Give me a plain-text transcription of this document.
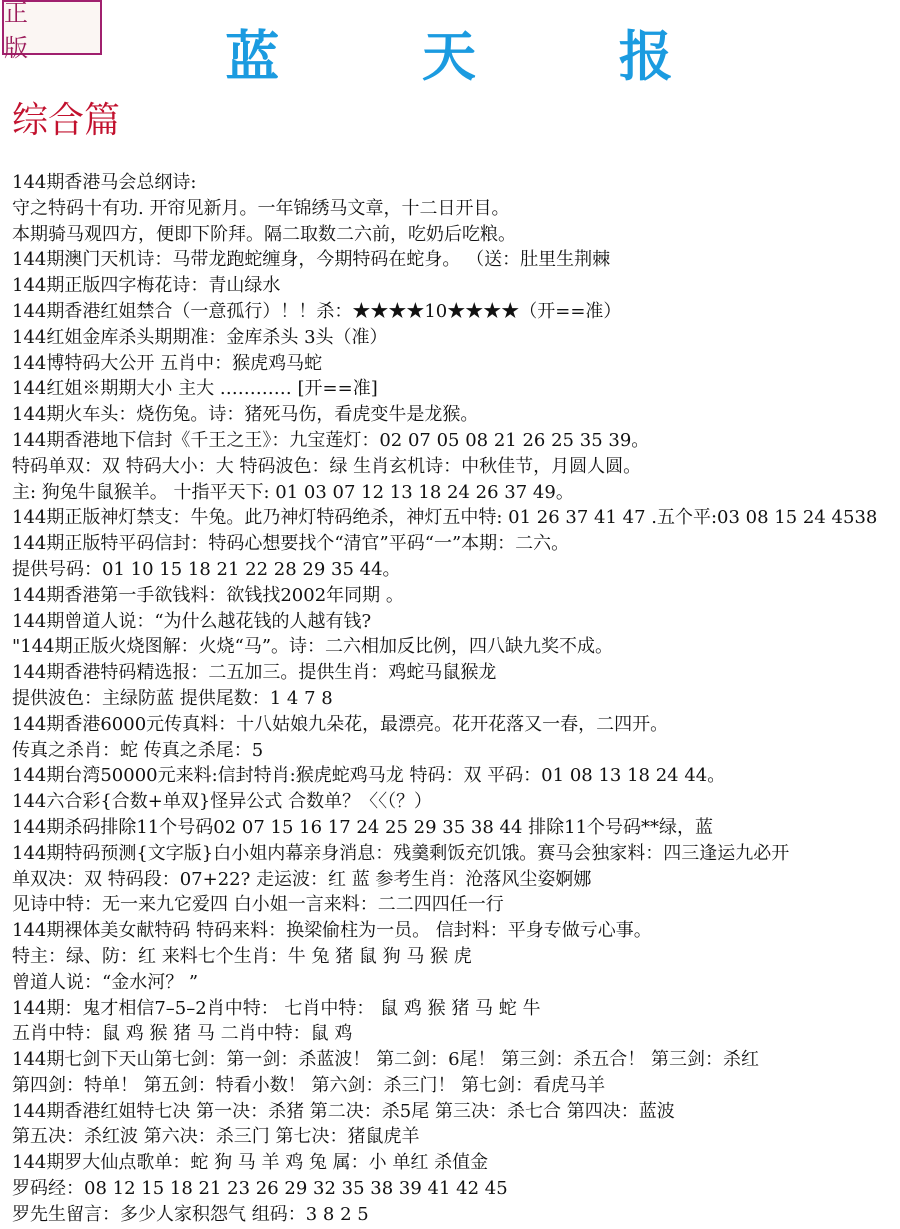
正 版	蓝 天 报
综合篇
144期香港马会总纲诗:
守之特码十有功. 开帘见新月。一年锦绣马文章，十二日开目。
本期骑马观四方，便即下阶拜。隔二取数二六前，吃奶后吃粮。
144期澳门天机诗：马带龙跑蛇缠身，今期特码在蛇身。 （送：肚里生荆棘
144期正版四字梅花诗：青山绿水
144期香港红姐禁合（一意孤行）！！杀：★★★★10★★★★（开==准）
144红姐金库杀头期期准：金库杀头 3头（准）
144博特码大公开 五肖中：猴虎鸡马蛇
144红姐※期期大小 主大 ………… [开==准]
144期火车头：烧伤兔。诗：猪死马伤，看虎变牛是龙猴。
144期香港地下信封《千王之王》：九宝莲灯：02 07 05 08 21 26 25 35 39。
特码单双：双 特码大小：大 特码波色：绿 生肖玄机诗：中秋佳节，月圆人圆。
主: 狗兔牛鼠猴羊。 十指平天下: 01 03 07 12 13 18 24 26 37 49。
144期正版神灯禁支：牛兔。此乃神灯特码绝杀，神灯五中特: 01 26 37 41 47 .五个平:03 08 15 24 4538
144期正版特平码信封：特码心想要找个“清官”平码“一”本期：二六。
提供号码：01 10 15 18 21 22 28 29 35 44。
144期香港第一手欲钱料：欲钱找2002年同期 。
144期曾道人说：“为什么越花钱的人越有钱?
"144期正版火烧图解：火烧“马”。诗：二六相加反比例，四八缺九奖不成。
144期香港特码精选报：二五加三。提供生肖：鸡蛇马鼠猴龙
提供波色：主绿防蓝 提供尾数：1 4 7 8
144期香港6000元传真料：十八姑娘九朵花，最漂亮。花开花落又一春，二四开。
传真之杀肖：蛇 传真之杀尾：5
144期台湾50000元来料:信封特肖:猴虎蛇鸡马龙 特码：双 平码：01 08 13 18 24 44。
144六合彩{合数+单双}怪异公式 合数单？〈〈（？）
144期杀码排除11个号码02 07 15 16 17 24 25 29 35 38 44 排除11个号码**绿，蓝
144期特码预测{文字版}白小姐内幕亲身消息：残羹剩饭充饥饿。赛马会独家料：四三逢运九必开
单双决：双 特码段：07+22? 走运波：红 蓝 参考生肖：沧落风尘姿婀娜
见诗中特：无一来九它爱四 白小姐一言来料：二二四四任一行
144期裸体美女献特码 特码来料：换梁偷柱为一员。 信封料：平身专做亏心事。
特主：绿、防：红 来料七个生肖：牛 兔 猪 鼠 狗 马 猴 虎
曾道人说：“金水河？ ”
144期：鬼才相信7–5–2肖中特： 七肖中特： 鼠 鸡 猴 猪 马 蛇 牛
五肖中特：鼠 鸡 猴 猪 马 二肖中特：鼠 鸡
144期七剑下天山第七剑：第一剑：杀蓝波！ 第二剑：6尾！ 第三剑：杀五合！ 第三剑：杀红
第四剑：特单！ 第五剑：特看小数！ 第六剑：杀三门！ 第七剑：看虎马羊
144期香港红姐特七决 第一决：杀猪 第二决：杀5尾 第三决：杀七合 第四决：蓝波
第五决：杀红波 第六决：杀三门 第七决：猪鼠虎羊
144期罗大仙点歌单：蛇 狗 马 羊 鸡 兔 属：小 单红 杀值金
罗码经：08 12 15 18 21 23 26 29 32 35 38 39 41 42 45
罗先生留言：多少人家积怨气 组码：3 8 2 5
